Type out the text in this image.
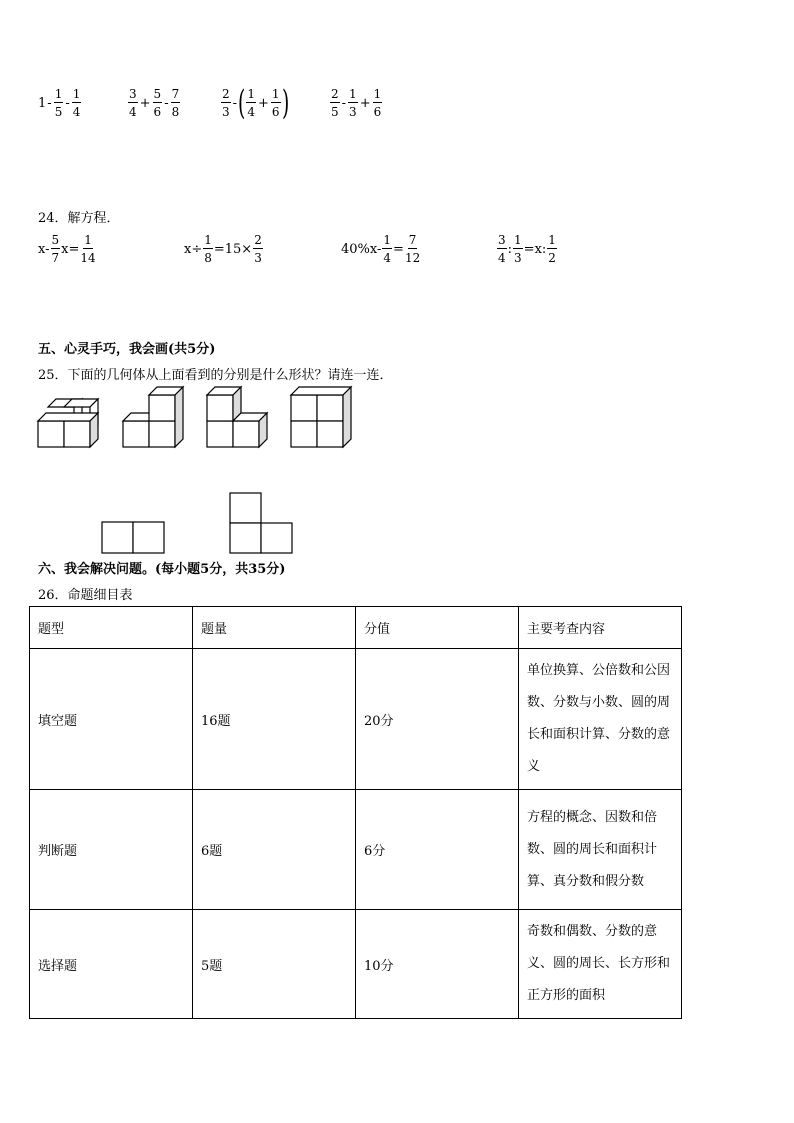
$1 - \frac{1}{5} - \frac{1}{4}$	$\frac{3}{4} + \frac{5}{6} - \frac{7}{8}$	$\frac{2}{3}$ - ( $\frac{1}{4} + \frac{1}{6}$ )	$\frac{2}{5} - \frac{1}{3} + \frac{1}{6}$
24．解方程．
$x- \frac{5}{7} x= \frac{1}{14}$	$x\div \frac{1}{8} =15\times \frac{2}{3}$	$40\%x- \frac{1}{4} = \frac{7}{12}$	$\frac{3}{4}$ : $\frac{1}{3} =x$: $\frac{1}{2}$
五、心灵手巧，我会画(共5分)
25．下面的几何体从上面看到的分别是什么形状？请连一连．
六、我会解决问题。(每小题5分，共35分)
26．命题细目表
题型	题量	分值	主要考查内容
填空题	16题	20分	单位换算、公倍数和公因数、分数与小数、圆的周长和面积计算、分数的意义
判断题	6题	6分	方程的概念、因数和倍数、圆的周长和面积计算、真分数和假分数
选择题	5题	10分	奇数和偶数、分数的意义、圆的周长、长方形和正方形的面积
